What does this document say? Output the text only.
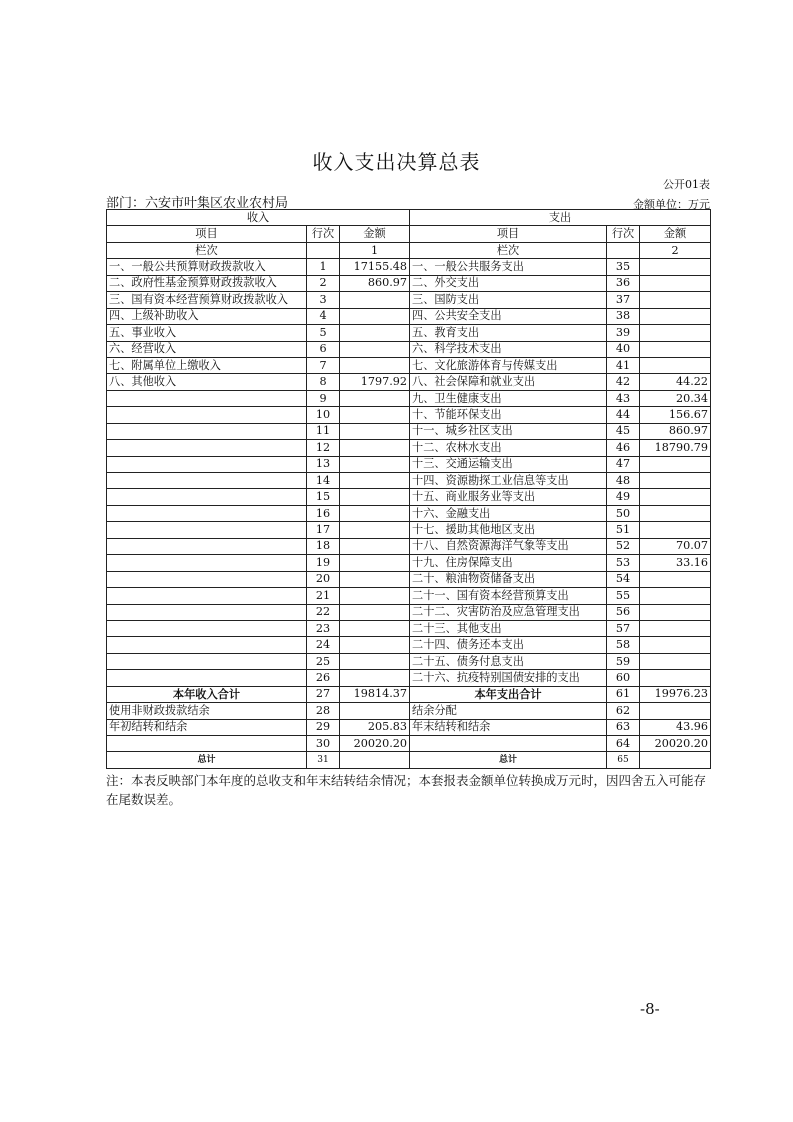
收入支出决算总表
公开01表
部门：六安市叶集区农业农村局	金额单位：万元
收入			支出		
项目	行次	金额	项目	行次	金额
栏次		1	栏次		2
一、一般公共预算财政拨款收入	1	17155.48	一、一般公共服务支出	35	
二、政府性基金预算财政拨款收入	2	860.97	二、外交支出	36	
三、国有资本经营预算财政拨款收入	3		三、国防支出	37	
四、上级补助收入	4		四、公共安全支出	38	
五、事业收入	5		五、教育支出	39	
六、经营收入	6		六、科学技术支出	40	
七、附属单位上缴收入	7		七、文化旅游体育与传媒支出	41	
八、其他收入	8	1797.92	八、社会保障和就业支出	42	44.22
	9		九、卫生健康支出	43	20.34
	10		十、节能环保支出	44	156.67
	11		十一、城乡社区支出	45	860.97
	12		十二、农林水支出	46	18790.79
	13		十三、交通运输支出	47	
	14		十四、资源勘探工业信息等支出	48	
	15		十五、商业服务业等支出	49	
	16		十六、金融支出	50	
	17		十七、援助其他地区支出	51	
	18		十八、自然资源海洋气象等支出	52	70.07
	19		十九、住房保障支出	53	33.16
	20		二十、粮油物资储备支出	54	
	21		二十一、国有资本经营预算支出	55	
	22		二十二、灾害防治及应急管理支出	56	
	23		二十三、其他支出	57	
	24		二十四、债务还本支出	58	
	25		二十五、债务付息支出	59	
	26		二十六、抗疫特别国债安排的支出	60	
本年收入合计	27	19814.37	本年支出合计	61	19976.23
使用非财政拨款结余	28		结余分配	62	
年初结转和结余	29	205.83	年末结转和结余	63	43.96
	30	20020.20		64	20020.20
总计	31		总计	65	
注：本表反映部门本年度的总收支和年末结转结余情况；本套报表金额单位转换成万元时，因四舍五入可能存在尾数误差。
-8-
